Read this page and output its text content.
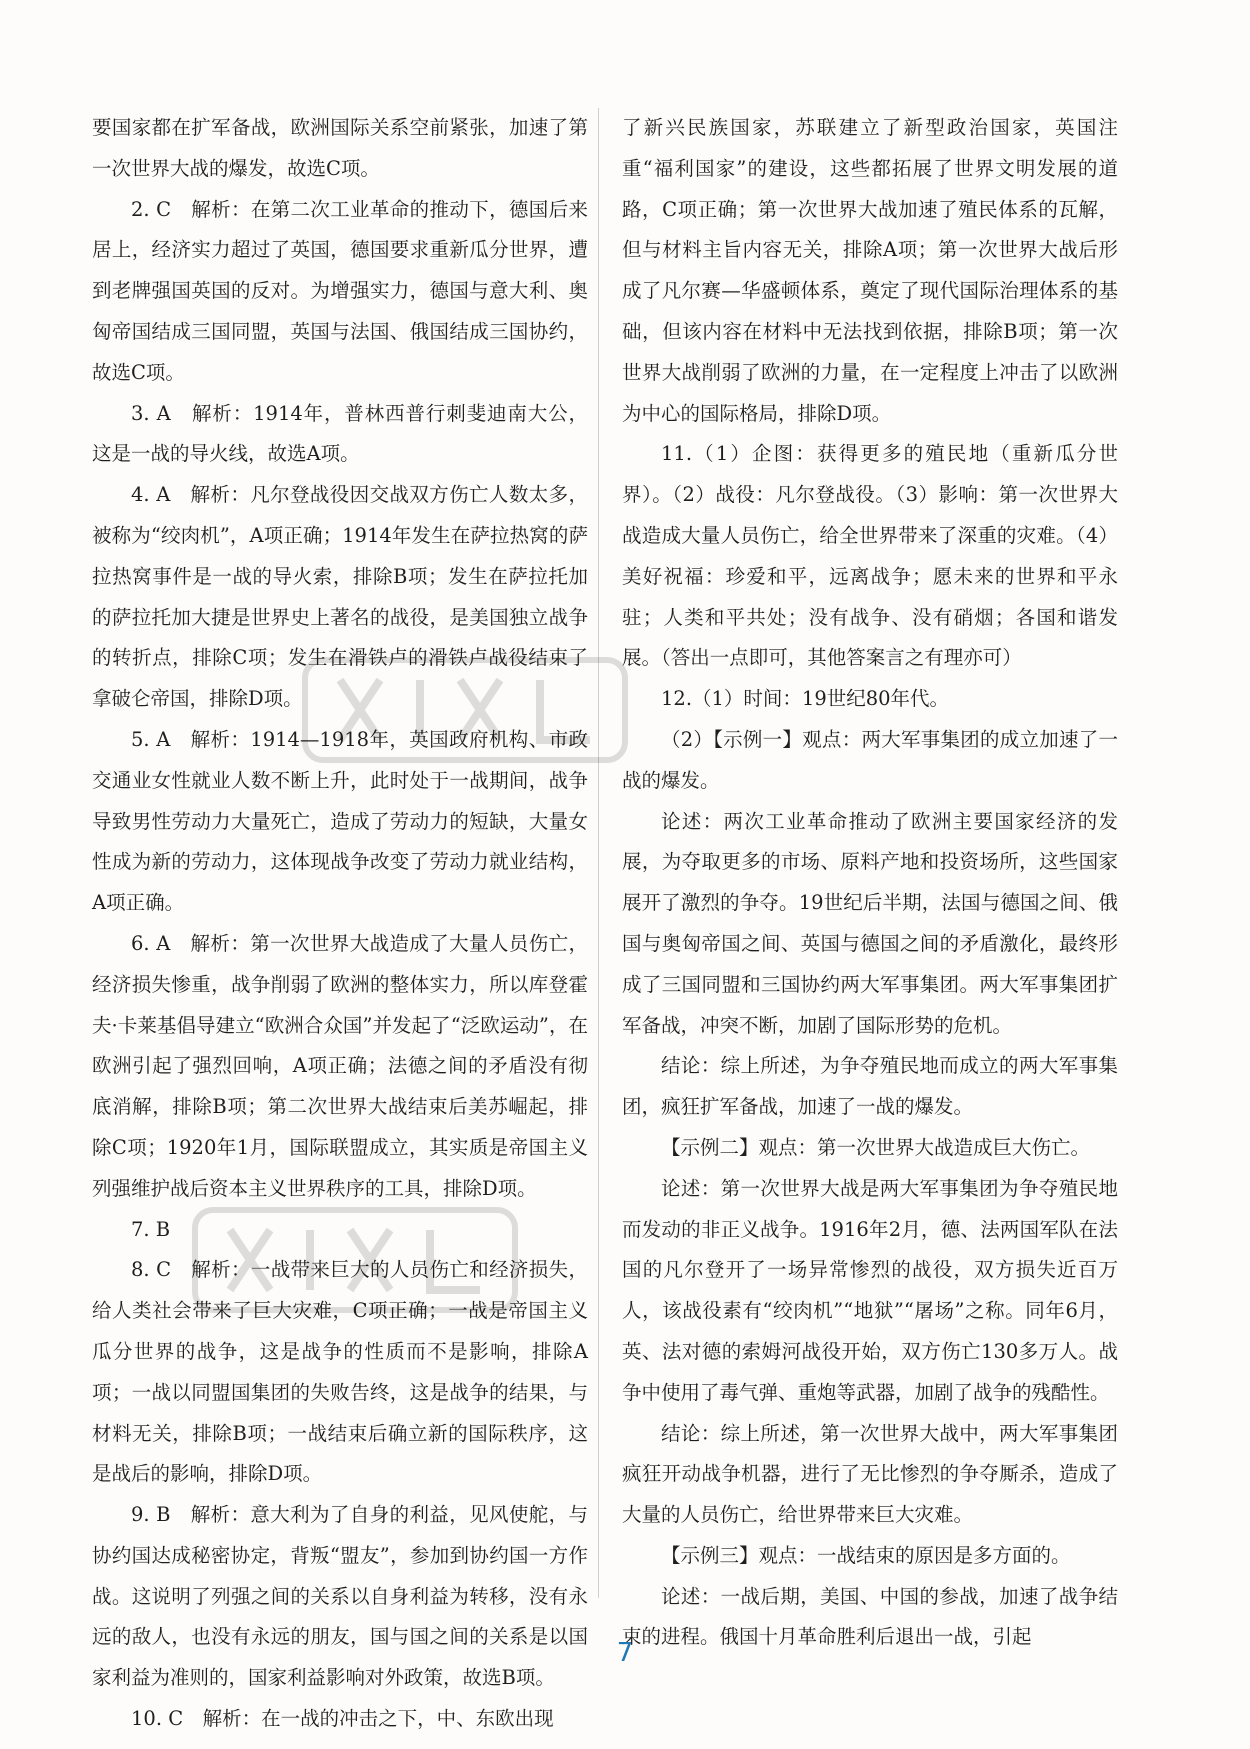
要国家都在扩军备战，欧洲国际关系空前紧张，加速了第一次世界大战的爆发，故选C项。

2. C　解析：在第二次工业革命的推动下，德国后来居上，经济实力超过了英国，德国要求重新瓜分世界，遭到老牌强国英国的反对。为增强实力，德国与意大利、奥匈帝国结成三国同盟，英国与法国、俄国结成三国协约，故选C项。

3. A　解析：1914年，普林西普行刺斐迪南大公，这是一战的导火线，故选A项。

4. A　解析：凡尔登战役因交战双方伤亡人数太多，被称为“绞肉机”，A项正确；1914年发生在萨拉热窝的萨拉热窝事件是一战的导火索，排除B项；发生在萨拉托加的萨拉托加大捷是世界史上著名的战役，是美国独立战争的转折点，排除C项；发生在滑铁卢的滑铁卢战役结束了拿破仑帝国，排除D项。

5. A　解析：1914—1918年，英国政府机构、市政交通业女性就业人数不断上升，此时处于一战期间，战争导致男性劳动力大量死亡，造成了劳动力的短缺，大量女性成为新的劳动力，这体现战争改变了劳动力就业结构，A项正确。

6. A　解析：第一次世界大战造成了大量人员伤亡，经济损失惨重，战争削弱了欧洲的整体实力，所以库登霍夫·卡莱基倡导建立“欧洲合众国”并发起了“泛欧运动”，在欧洲引起了强烈回响，A项正确；法德之间的矛盾没有彻底消解，排除B项；第二次世界大战结束后美苏崛起，排除C项；1920年1月，国际联盟成立，其实质是帝国主义列强维护战后资本主义世界秩序的工具，排除D项。

7. B

8. C　解析：一战带来巨大的人员伤亡和经济损失，给人类社会带来了巨大灾难，C项正确；一战是帝国主义瓜分世界的战争，这是战争的性质而不是影响，排除A项；一战以同盟国集团的失败告终，这是战争的结果，与材料无关，排除B项；一战结束后确立新的国际秩序，这是战后的影响，排除D项。

9. B　解析：意大利为了自身的利益，见风使舵，与协约国达成秘密协定，背叛“盟友”，参加到协约国一方作战。这说明了列强之间的关系以自身利益为转移，没有永远的敌人，也没有永远的朋友，国与国之间的关系是以国家利益为准则的，国家利益影响对外政策，故选B项。

10. C　解析：在一战的冲击之下，中、东欧出现

了新兴民族国家，苏联建立了新型政治国家，英国注重“福利国家”的建设，这些都拓展了世界文明发展的道路，C项正确；第一次世界大战加速了殖民体系的瓦解，但与材料主旨内容无关，排除A项；第一次世界大战后形成了凡尔赛—华盛顿体系，奠定了现代国际治理体系的基础，但该内容在材料中无法找到依据，排除B项；第一次世界大战削弱了欧洲的力量，在一定程度上冲击了以欧洲为中心的国际格局，排除D项。

11.（1）企图：获得更多的殖民地（重新瓜分世界）。（2）战役：凡尔登战役。（3）影响：第一次世界大战造成大量人员伤亡，给全世界带来了深重的灾难。（4）美好祝福：珍爱和平，远离战争；愿未来的世界和平永驻；人类和平共处；没有战争、没有硝烟；各国和谐发展。（答出一点即可，其他答案言之有理亦可）

12.（1）时间：19世纪80年代。

（2）【示例一】观点：两大军事集团的成立加速了一战的爆发。

论述：两次工业革命推动了欧洲主要国家经济的发展，为夺取更多的市场、原料产地和投资场所，这些国家展开了激烈的争夺。19世纪后半期，法国与德国之间、俄国与奥匈帝国之间、英国与德国之间的矛盾激化，最终形成了三国同盟和三国协约两大军事集团。两大军事集团扩军备战，冲突不断，加剧了国际形势的危机。

结论：综上所述，为争夺殖民地而成立的两大军事集团，疯狂扩军备战，加速了一战的爆发。

【示例二】观点：第一次世界大战造成巨大伤亡。

论述：第一次世界大战是两大军事集团为争夺殖民地而发动的非正义战争。1916年2月，德、法两国军队在法国的凡尔登开了一场异常惨烈的战役，双方损失近百万人，该战役素有“绞肉机”“地狱”“屠场”之称。同年6月，英、法对德的索姆河战役开始，双方伤亡130多万人。战争中使用了毒气弹、重炮等武器，加剧了战争的残酷性。

结论：综上所述，第一次世界大战中，两大军事集团疯狂开动战争机器，进行了无比惨烈的争夺厮杀，造成了大量的人员伤亡，给世界带来巨大灾难。

【示例三】观点：一战结束的原因是多方面的。

论述：一战后期，美国、中国的参战，加速了战争结束的进程。俄国十月革命胜利后退出一战，引起

7
